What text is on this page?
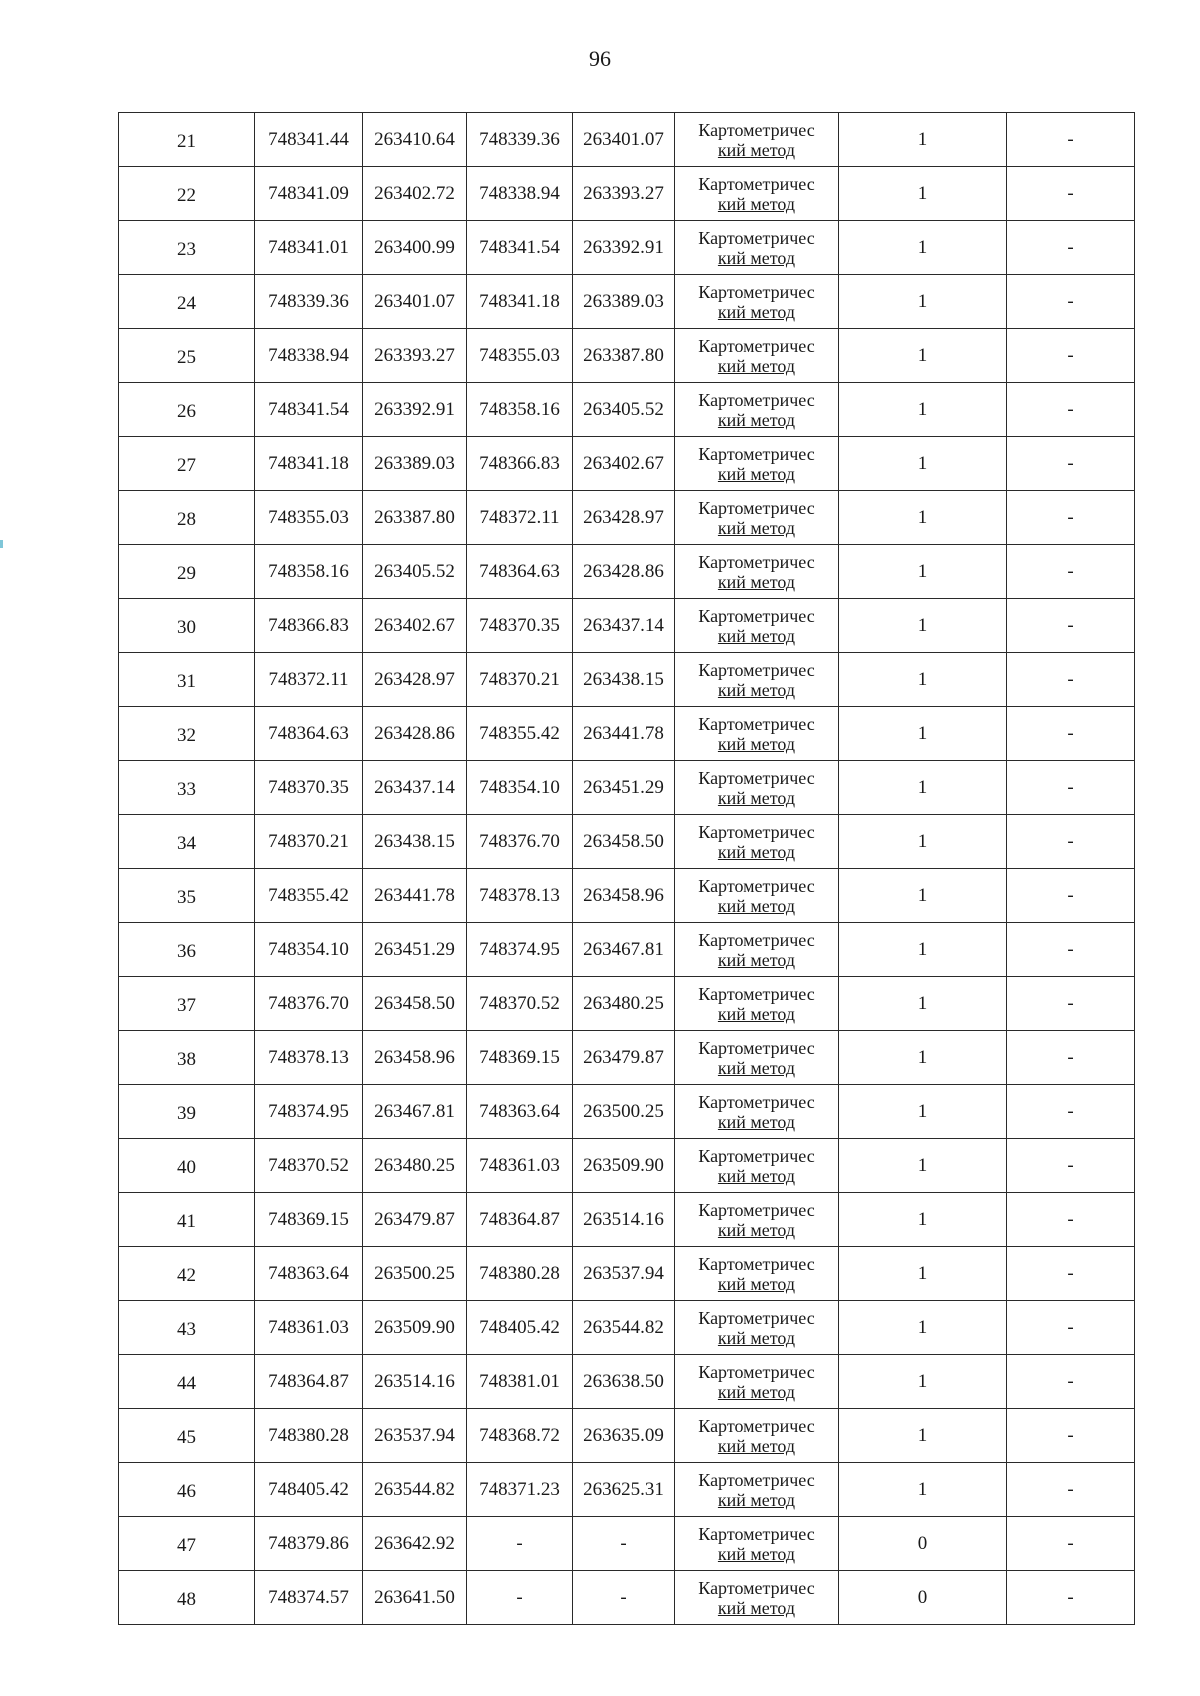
96
21	748341.44	263410.64	748339.36	263401.07	Картометричес
кий метод	1	-
22	748341.09	263402.72	748338.94	263393.27	Картометричес
кий метод	1	-
23	748341.01	263400.99	748341.54	263392.91	Картометричес
кий метод	1	-
24	748339.36	263401.07	748341.18	263389.03	Картометричес
кий метод	1	-
25	748338.94	263393.27	748355.03	263387.80	Картометричес
кий метод	1	-
26	748341.54	263392.91	748358.16	263405.52	Картометричес
кий метод	1	-
27	748341.18	263389.03	748366.83	263402.67	Картометричес
кий метод	1	-
28	748355.03	263387.80	748372.11	263428.97	Картометричес
кий метод	1	-
29	748358.16	263405.52	748364.63	263428.86	Картометричес
кий метод	1	-
30	748366.83	263402.67	748370.35	263437.14	Картометричес
кий метод	1	-
31	748372.11	263428.97	748370.21	263438.15	Картометричес
кий метод	1	-
32	748364.63	263428.86	748355.42	263441.78	Картометричес
кий метод	1	-
33	748370.35	263437.14	748354.10	263451.29	Картометричес
кий метод	1	-
34	748370.21	263438.15	748376.70	263458.50	Картометричес
кий метод	1	-
35	748355.42	263441.78	748378.13	263458.96	Картометричес
кий метод	1	-
36	748354.10	263451.29	748374.95	263467.81	Картометричес
кий метод	1	-
37	748376.70	263458.50	748370.52	263480.25	Картометричес
кий метод	1	-
38	748378.13	263458.96	748369.15	263479.87	Картометричес
кий метод	1	-
39	748374.95	263467.81	748363.64	263500.25	Картометричес
кий метод	1	-
40	748370.52	263480.25	748361.03	263509.90	Картометричес
кий метод	1	-
41	748369.15	263479.87	748364.87	263514.16	Картометричес
кий метод	1	-
42	748363.64	263500.25	748380.28	263537.94	Картометричес
кий метод	1	-
43	748361.03	263509.90	748405.42	263544.82	Картометричес
кий метод	1	-
44	748364.87	263514.16	748381.01	263638.50	Картометричес
кий метод	1	-
45	748380.28	263537.94	748368.72	263635.09	Картометричес
кий метод	1	-
46	748405.42	263544.82	748371.23	263625.31	Картометричес
кий метод	1	-
47	748379.86	263642.92	-	-	Картометричес
кий метод	0	-
48	748374.57	263641.50	-	-	Картометричес
кий метод	0	-
